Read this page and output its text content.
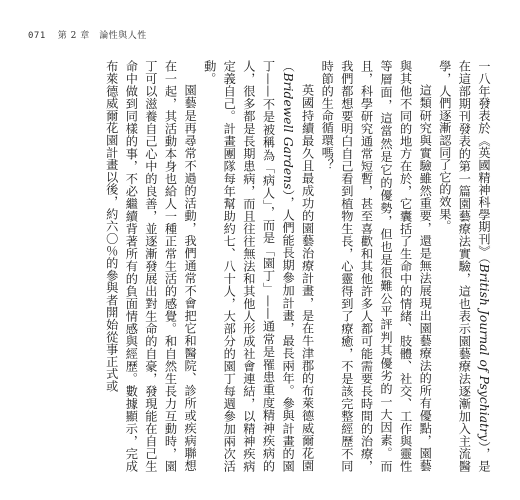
071 第 2 章　論性與人性

一八年發表於《英國精神科學期刊》（British Journal of Psychiatry），是在這部期刊發表的第一篇園藝療法實驗，這也表示園藝療法逐漸加入主流醫學，人們逐漸認同了它的效果。

這類研究與實驗雖然重要，還是無法展現出園藝療法的所有優點，園藝與其他不同的地方在於，它囊括了生命中的情緒、肢體、社交、工作與靈性等層面，這當然是它的優勢，但也是很難公平評判其優劣的一大因素。而且，科學研究通常短暫，甚至喜歡和其他許多人都可能需要長時間的治療，我們都想要明白自己看到植物生長，心靈得到了療癒，不是該完整經歷不同時節的生命循環嗎？

英國持續最久且最成功的園藝治療計畫，是在牛津郡的布萊德威爾花園（Bridewell Gardens），人們能長期參加計畫，最長兩年。參與計畫的園丁——不是被稱為「病人」，而是「園丁」——通常是罹患重度精神疾病的人，很多都是長期患病，而且往往無法和其他人形成社會連結，以精神疾病定義自己。計畫團隊每年幫助約七、八十人，大部分的園丁每週參加兩次活動。

園藝是再尋常不過的活動，我們通常不會把它和醫院、診所或疾病聯想在一起，其活動本身也給人一種正常生活的感覺。和自然生長力互動時，園丁可以滋養自己心中的良善，並逐漸發展出對生命的自豪，發現能在自己生命中做到同樣的事，不必繼續背著所有的負面情感與經歷。數據顯示，完成布萊德威爾花園計畫以後，約六〇％的參與者開始從事正式或
